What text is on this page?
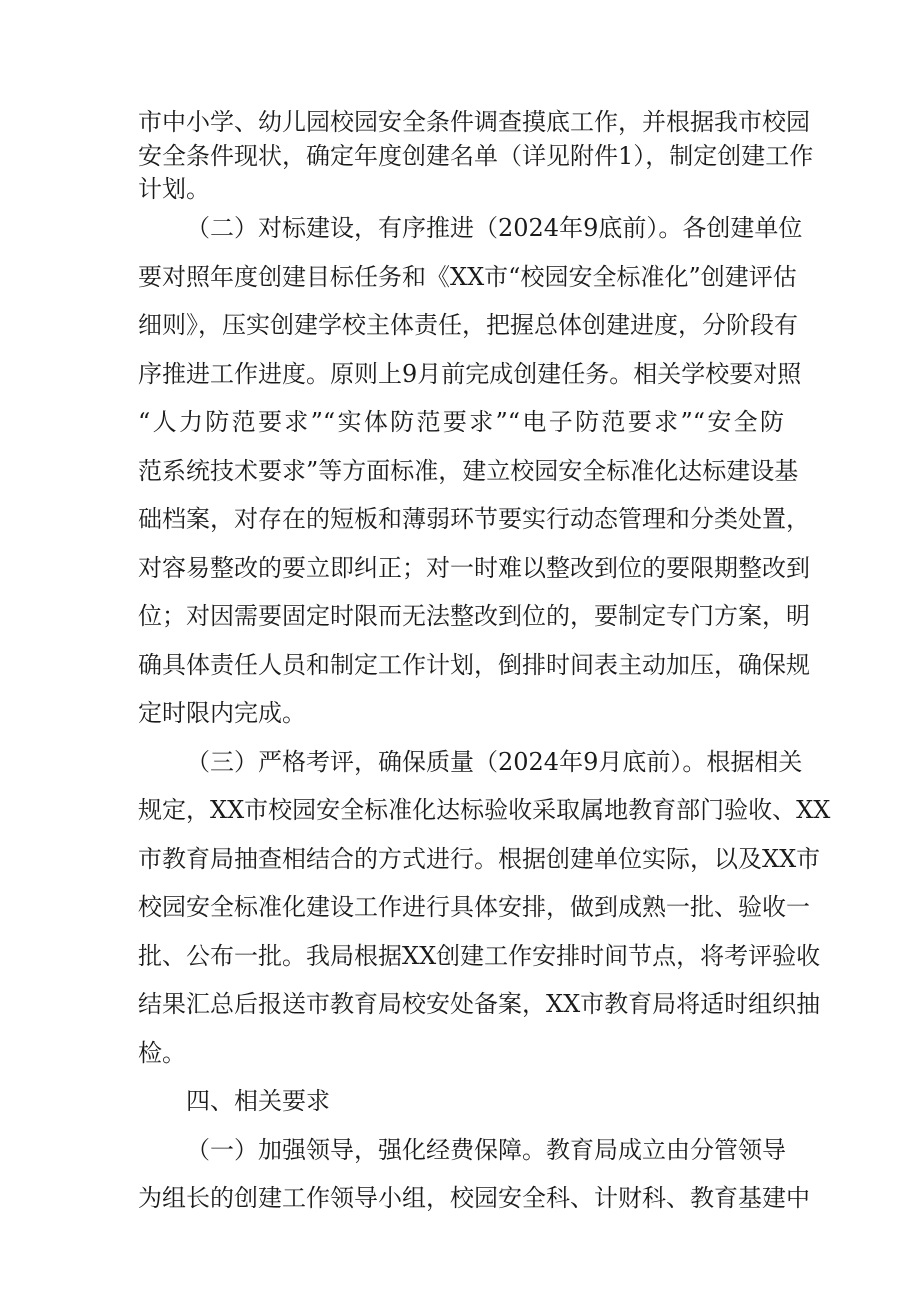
市中小学、幼儿园校园安全条件调查摸底工作，并根据我市校园
安全条件现状，确定年度创建名单（详见附件1），制定创建工作
计划。
（二）对标建设，有序推进（2024年9底前）。各创建单位
要对照年度创建目标任务和《XX市“校园安全标准化”创建评估
细则》，压实创建学校主体责任，把握总体创建进度，分阶段有
序推进工作进度。原则上9月前完成创建任务。相关学校要对照
“人力防范要求”“实体防范要求”“电子防范要求”“安全防
范系统技术要求”等方面标准，建立校园安全标准化达标建设基
础档案，对存在的短板和薄弱环节要实行动态管理和分类处置，
对容易整改的要立即纠正；对一时难以整改到位的要限期整改到
位；对因需要固定时限而无法整改到位的，要制定专门方案，明
确具体责任人员和制定工作计划，倒排时间表主动加压，确保规
定时限内完成。
（三）严格考评，确保质量（2024年9月底前）。根据相关
规定，XX市校园安全标准化达标验收采取属地教育部门验收、XX
市教育局抽查相结合的方式进行。根据创建单位实际，以及XX市
校园安全标准化建设工作进行具体安排，做到成熟一批、验收一
批、公布一批。我局根据XX创建工作安排时间节点，将考评验收
结果汇总后报送市教育局校安处备案，XX市教育局将适时组织抽
检。
四、相关要求
（一）加强领导，强化经费保障。教育局成立由分管领导
为组长的创建工作领导小组，校园安全科、计财科、教育基建中
